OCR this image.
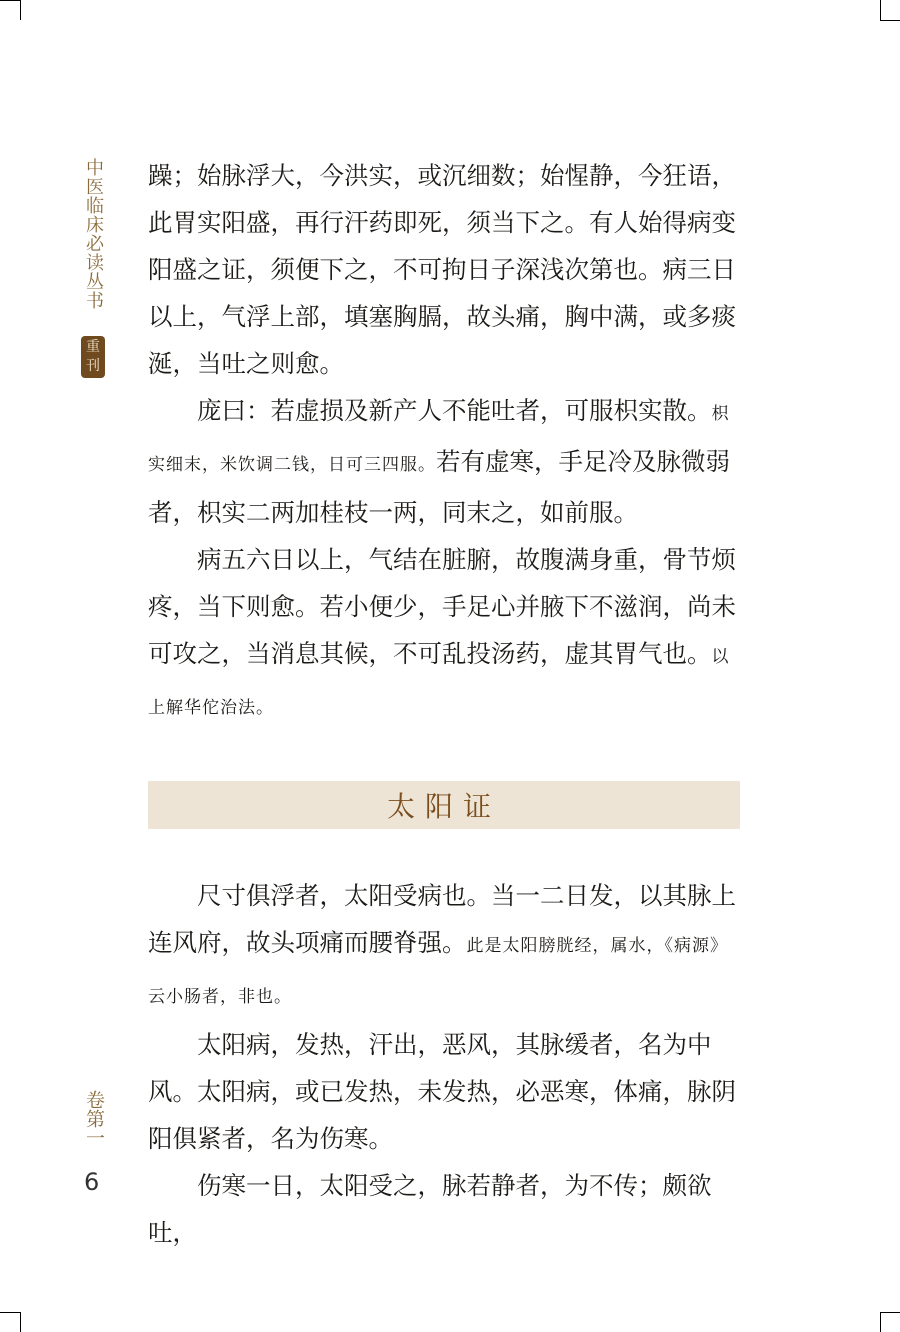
中医临床必读丛书
重
刊
卷第一
6

躁；始脉浮大，今洪实，或沉细数；始惺静，今狂语，此胃实阳盛，再行汗药即死，须当下之。有人始得病变阳盛之证，须便下之，不可拘日子深浅次第也。病三日以上，气浮上部，填塞胸膈，故头痛，胸中满，或多痰涎，当吐之则愈。

庞曰：若虚损及新产人不能吐者，可服枳实散。枳实细末，米饮调二钱，日可三四服。若有虚寒，手足冷及脉微弱者，枳实二两加桂枝一两，同末之，如前服。

病五六日以上，气结在脏腑，故腹满身重，骨节烦疼，当下则愈。若小便少，手足心并腋下不滋润，尚未可攻之，当消息其候，不可乱投汤药，虚其胃气也。以上解华佗治法。

太阳证

尺寸俱浮者，太阳受病也。当一二日发，以其脉上连风府，故头项痛而腰脊强。此是太阳膀胱经，属水，《病源》云小肠者，非也。

太阳病，发热，汗出，恶风，其脉缓者，名为中风。太阳病，或已发热，未发热，必恶寒，体痛，脉阴阳俱紧者，名为伤寒。

伤寒一日，太阳受之，脉若静者，为不传；颇欲吐，
